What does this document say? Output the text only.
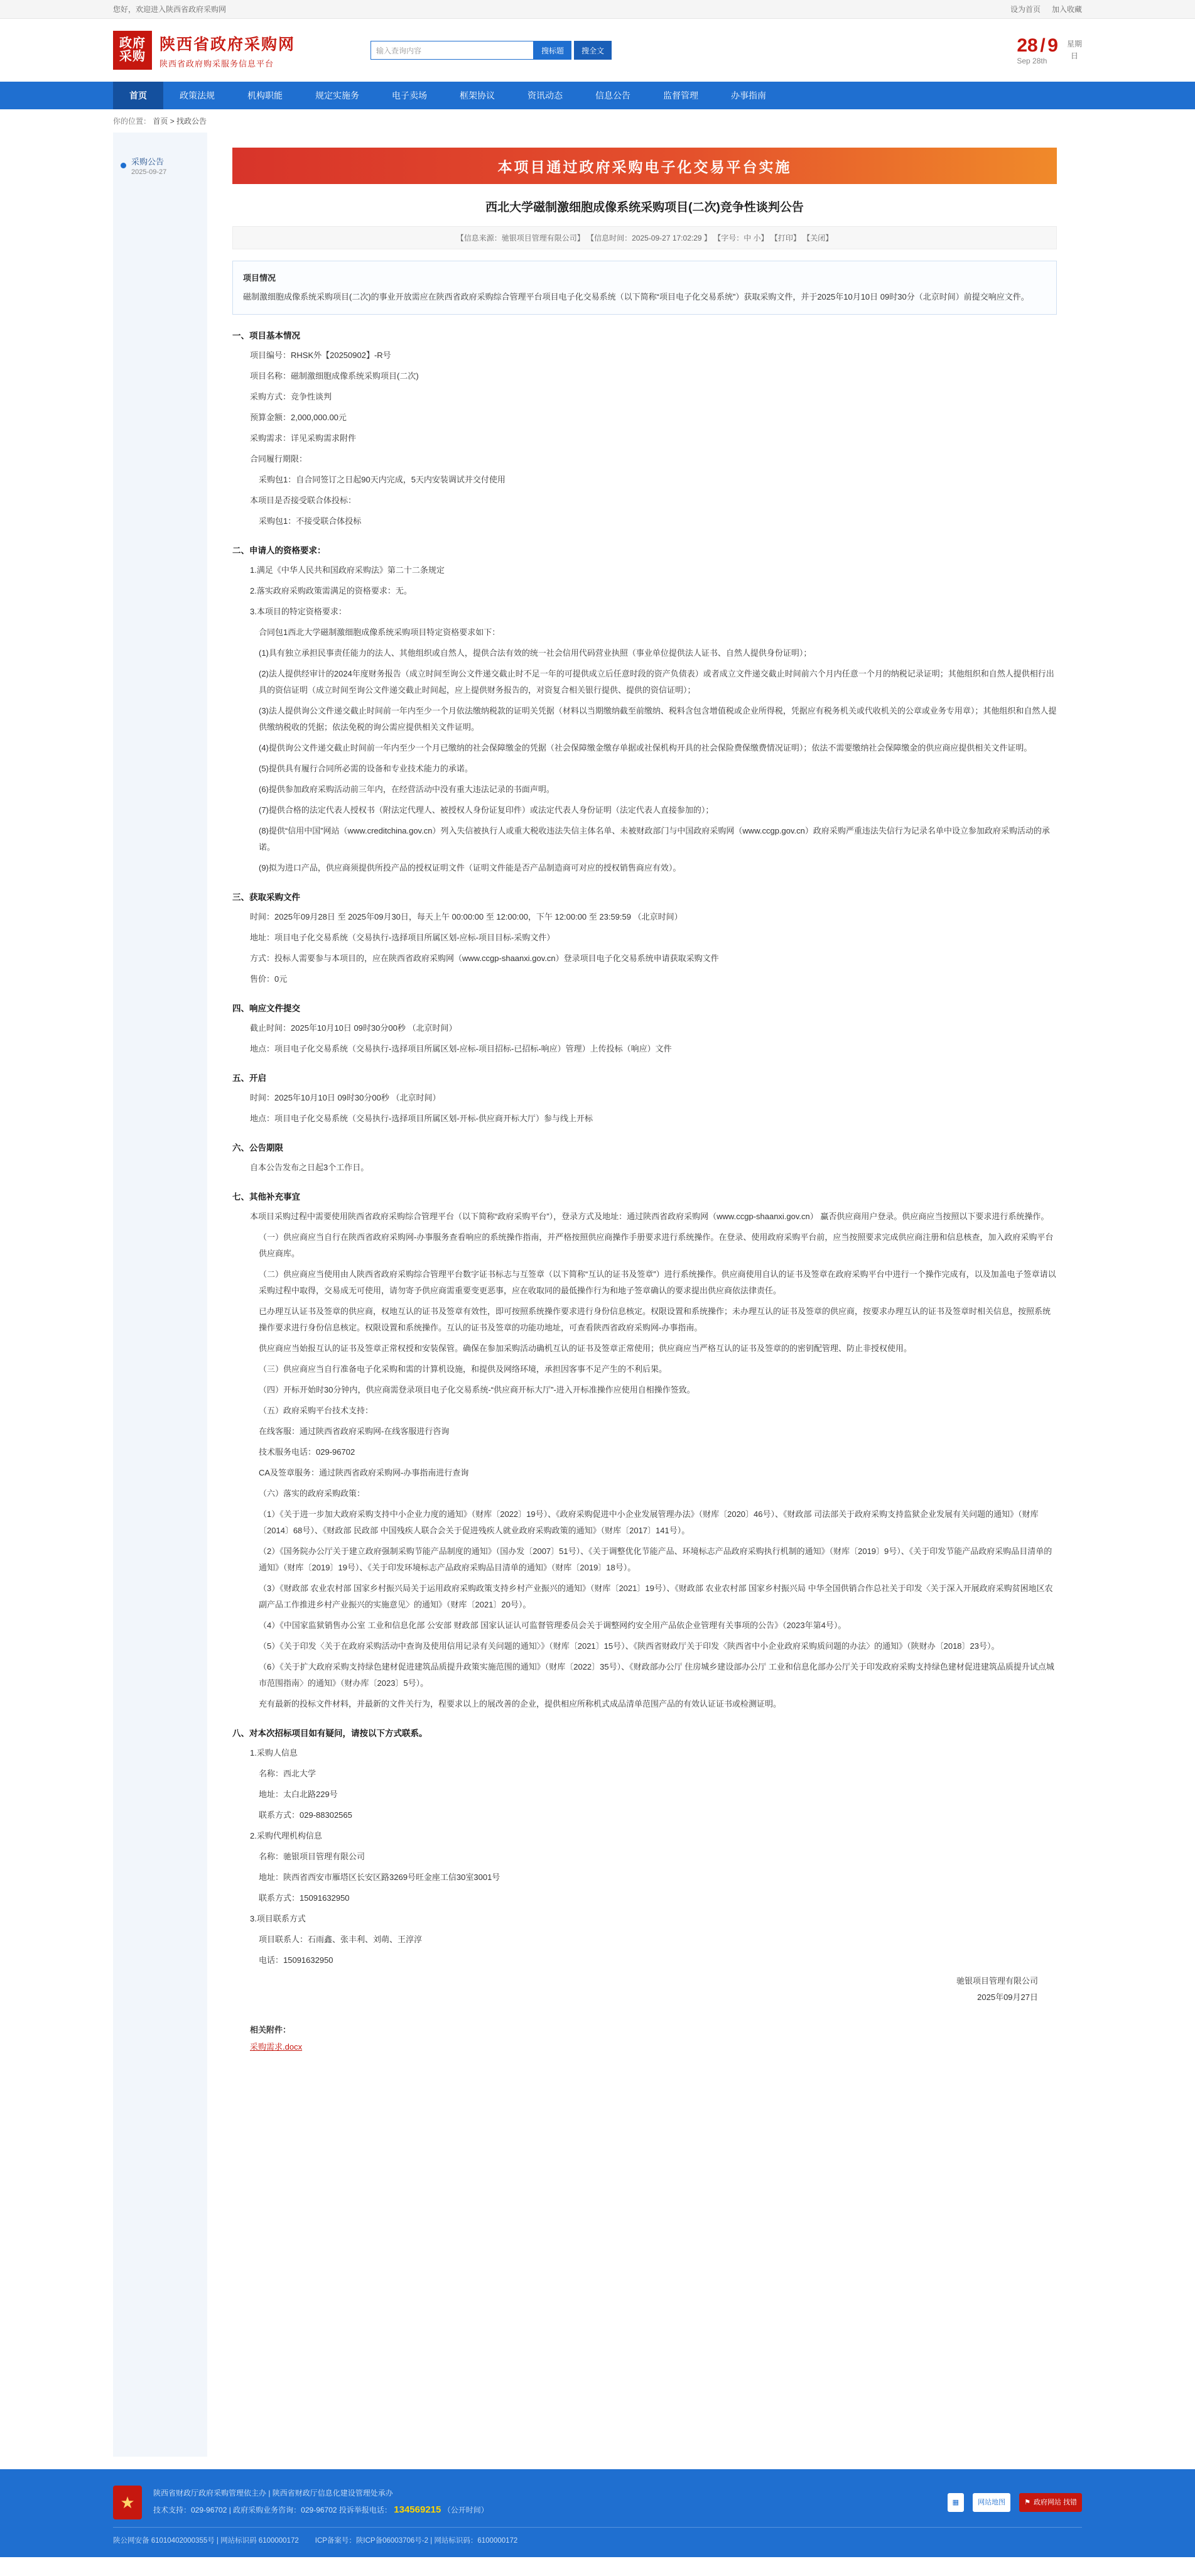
您好，欢迎进入陕西省政府采购网	设为首页 加入收藏
政府
采购
陕西省政府采购网
陕西省政府购采服务信息平台
输入查询内容	搜标题	搜全文	28 / 9
Sep 28th
星期
日
首页	政策法规	机构职能	规定实施务	电子卖场	框架协议	资讯动态	信息公告	监督管理	办事指南
你的位置： 首页 > 找政公告
采购公告
2025-09-27	本项目通过政府采购电子化交易平台实施
西北大学磁制激细胞成像系统采购项目(二次)竞争性谈判公告
【信息来源：驰银项目管理有限公司】 【信息时间：2025-09-27 17:02:29 】 【字号：中 小】 【打印】 【关闭】
项目情况
磁制激细胞成像系统采购项目(二次)的事业开放需应在陕西省政府采购综合管理平台项目电子化交易系统（以下简称“项目电子化交易系统”）获取采购文件，并于2025年10月10日 09时30分（北京时间）前提交响应文件。
一、项目基本情况

项目编号：RHSK外【20250902】-R号

项目名称：磁制激细胞成像系统采购项目(二次)

采购方式：竞争性谈判

预算金额：2,000,000.00元

采购需求：详见采购需求附件

合同履行期限：

采购包1：自合同签订之日起90天内完成，5天内安装调试并交付使用

本项目是否接受联合体投标：

采购包1：不接受联合体投标

二、申请人的资格要求：

1.满足《中华人民共和国政府采购法》第二十二条规定

2.落实政府采购政策需满足的资格要求：无。

3.本项目的特定资格要求：

合同包1西北大学磁制激细胞成像系统采购项目特定资格要求如下：

(1)具有独立承担民事责任能力的法人、其他组织或自然人，提供合法有效的统一社会信用代码营业执照（事业单位提供法人证书、自然人提供身份证明）；

(2)法人提供经审计的2024年度财务报告（成立时间至询公文件递交截止时不足一年的可提供成立后任意时段的资产负债表）或者成立文件递交截止时间前六个月内任意一个月的纳税记录证明；其他组织和自然人提供相行出具的资信证明（成立时间至询公文件递交截止时间起，应上提供财务报告的，对资复合相关银行提供、提供的资信证明）；

(3)法人提供询公文件递交截止时间前一年内至少一个月依法缴纳税款的证明关凭据（材料以当期缴纳截至前缴纳、税料含包含增值税或企业所得税，凭据应有税务机关或代收机关的公章或业务专用章）；其他组织和自然人提供缴纳税收的凭据；依法免税的询公需应提供相关文件证明。

(4)提供询公文件递交截止时间前一年内至少一个月已缴纳的社会保障缴金的凭据（社会保障缴金缴存单据或社保机构开具的社会保险费保缴费情况证明）；依法不需要缴纳社会保障缴金的供应商应提供相关文件证明。

(5)提供具有履行合同所必需的设备和专业技术能力的承诺。

(6)提供参加政府采购活动前三年内，在经营活动中没有重大违法记录的书面声明。

(7)提供合格的法定代表人授权书（附法定代理人、被授权人身份证复印件）或法定代表人身份证明（法定代表人直接参加的）；

(8)提供“信用中国”网站（www.creditchina.gov.cn）列入失信被执行人或重大税收违法失信主体名单、未被财政部门与中国政府采购网（www.ccgp.gov.cn）政府采购严重违法失信行为记录名单中设立参加政府采购活动的承诺。

(9)拟为进口产品，供应商须提供所投产品的授权证明文件（证明文件能是否产品制造商可对应的授权销售商应有效）。

三、获取采购文件

时间：2025年09月28日 至 2025年09月30日，每天上午 00:00:00 至 12:00:00，下午 12:00:00 至 23:59:59 （北京时间）

地址：项目电子化交易系统（交易执行-选择项目所属区划-应标-项目目标-采购文件）

方式：投标人需要参与本项目的，应在陕西省政府采购网（www.ccgp-shaanxi.gov.cn）登录项目电子化交易系统申请获取采购文件

售价：0元

四、响应文件提交

截止时间：2025年10月10日 09时30分00秒 （北京时间）

地点：项目电子化交易系统（交易执行-选择项目所属区划-应标-项目招标-已招标-响应）管理）上传投标（响应）文件

五、开启

时间：2025年10月10日 09时30分00秒 （北京时间）

地点：项目电子化交易系统（交易执行-选择项目所属区划-开标-供应商开标大厅）参与线上开标

六、公告期限

自本公告发布之日起3个工作日。

七、其他补充事宜

本项目采购过程中需要使用陕西省政府采购综合管理平台（以下简称“政府采购平台”），登录方式及地址：通过陕西省政府采购网（www.ccgp-shaanxi.gov.cn） 赢否供应商用户登录。供应商应当按照以下要求进行系统操作。

（一）供应商应当自行在陕西省政府采购网-办事服务查看响应的系统操作指南，并严格按照供应商操作手册要求进行系统操作。在登录、使用政府采购平台前，应当按照要求完成供应商注册和信息核查，加入政府采购平台供应商库。

（二）供应商应当使用由人陕西省政府采购综合管理平台数字证书标志与互签章（以下简称“互认的证书及签章”）进行系统操作。供应商使用自认的证书及签章在政府采购平台中进行一个操作完成有，以及加盖电子签章请以采购过程中取得，交易成无可使用，请勿寄予供应商需重要变更恶事，应在收取同的最低操作行为和地子签章确认的要求提出供应商依法律责任。

已办理互认证书及签章的供应商，权地互认的证书及签章有效性，即可按照系统操作要求进行身份信息核定。权限设置和系统操作；未办理互认的证书及签章的供应商，按要求办理互认的证书及签章时相关信息，按照系统操作要求进行身份信息核定。权限设置和系统操作。互认的证书及签章的功能功地址，可查看陕西省政府采购网-办事指南。

供应商应当始报互认的证书及签章正常权授和安装保管。确保在参加采购活动确机互认的证书及签章正常使用；供应商应当严格互认的证书及签章的的密钥配管理、防止非授权使用。

（三）供应商应当自行准备电子化采购和需的计算机设施，和提供及网络环境，承担因客事不足产生的不利后果。

（四）开标开始时30分钟内，供应商需登录项目电子化交易系统-“供应商开标大厅”-进入开标准操作应使用自相操作签致。

（五）政府采购平台技术支持：

在线客服：通过陕西省政府采购网-在线客服进行咨询

技术服务电话：029-96702

CA及签章服务：通过陕西省政府采购网-办事指南进行查询

（六）落实的政府采购政策：

（1）《关于进一步加大政府采购支持中小企业力度的通知》（财库〔2022〕19号）、《政府采购促进中小企业发展管理办法》（财库〔2020〕46号）、《财政部 司法部关于政府采购支持监狱企业发展有关问题的通知》（财库〔2014〕68号）、《财政部 民政部 中国残疾人联合会关于促进残疾人就业政府采购政策的通知》（财库〔2017〕141号）。

（2）《国务院办公厅关于建立政府强制采购节能产品制度的通知》（国办发〔2007〕51号）、《关于调整优化节能产品、环境标志产品政府采购执行机制的通知》（财库〔2019〕9号）、《关于印发节能产品政府采购品目清单的通知》（财库〔2019〕19号）、《关于印发环境标志产品政府采购品目清单的通知》（财库〔2019〕18号）。

（3）《财政部 农业农村部 国家乡村振兴局关于运用政府采购政策支持乡村产业振兴的通知》（财库〔2021〕19号）、《财政部 农业农村部 国家乡村振兴局 中华全国供销合作总社关于印发〈关于深入开展政府采购贫困地区农副产品工作推进乡村产业振兴的实施意见〉的通知》（财库〔2021〕20号）。

（4）《中国家监狱销售办公室 工业和信息化部 公安部 财政部 国家认证认可监督管理委员会关于调整网约安全用产品依企业管理有关事项的公告》（2023年第4号）。

（5）《关于印发〈关于在政府采购活动中查询及使用信用记录有关问题的通知〉》（财库〔2021〕15号）、《陕西省财政厅关于印发〈陕西省中小企业政府采购质问题的办法〉的通知》（陕财办〔2018〕23号）。

（6）《关于扩大政府采购支持绿色建材促进建筑品质提升政策实施范围的通知》（财库〔2022〕35号）、《财政部办公厅 住房城乡建设部办公厅 工业和信息化部办公厅关于印发政府采购支持绿色建材促进建筑品质提升试点城市范围指南〉的通知》（财办库〔2023〕5号）。

充有最新的投标文件材料，并最新的文件关行为，程要求以上的展改善的企业，提供相应所称机式成品清单范围产品的有效认证证书或检测证明。

八、对本次招标项目如有疑问，请按以下方式联系。

1.采购人信息

名称：西北大学

地址：太白北路229号

联系方式：029-88302565

2.采购代理机构信息

名称：驰银项目管理有限公司

地址：陕西省西安市雁塔区长安区路3269号旺金座工信30室3001号

联系方式：15091632950

3.项目联系方式

项目联系人：石雨鑫、张丰利、刘萌、王淳淳

电话：15091632950

驰银项目管理有限公司
2025年09月27日
相关附件：
采购需求.docx
★	陕西省财政厅政府采购管理依主办 | 陕西省财政厅信息化建设管理处承办
技术支持：029-96702 | 政府采购业务咨询：029-96702 投诉举报电话： 134569215 （公开时间）
▦	网站地图	⚑ 政府网站 找错
陕公网安备 61010402000355号 | 网站标识码 6100000172 ICP备案号：陕ICP备06003706号-2 | 网站标识码：6100000172
